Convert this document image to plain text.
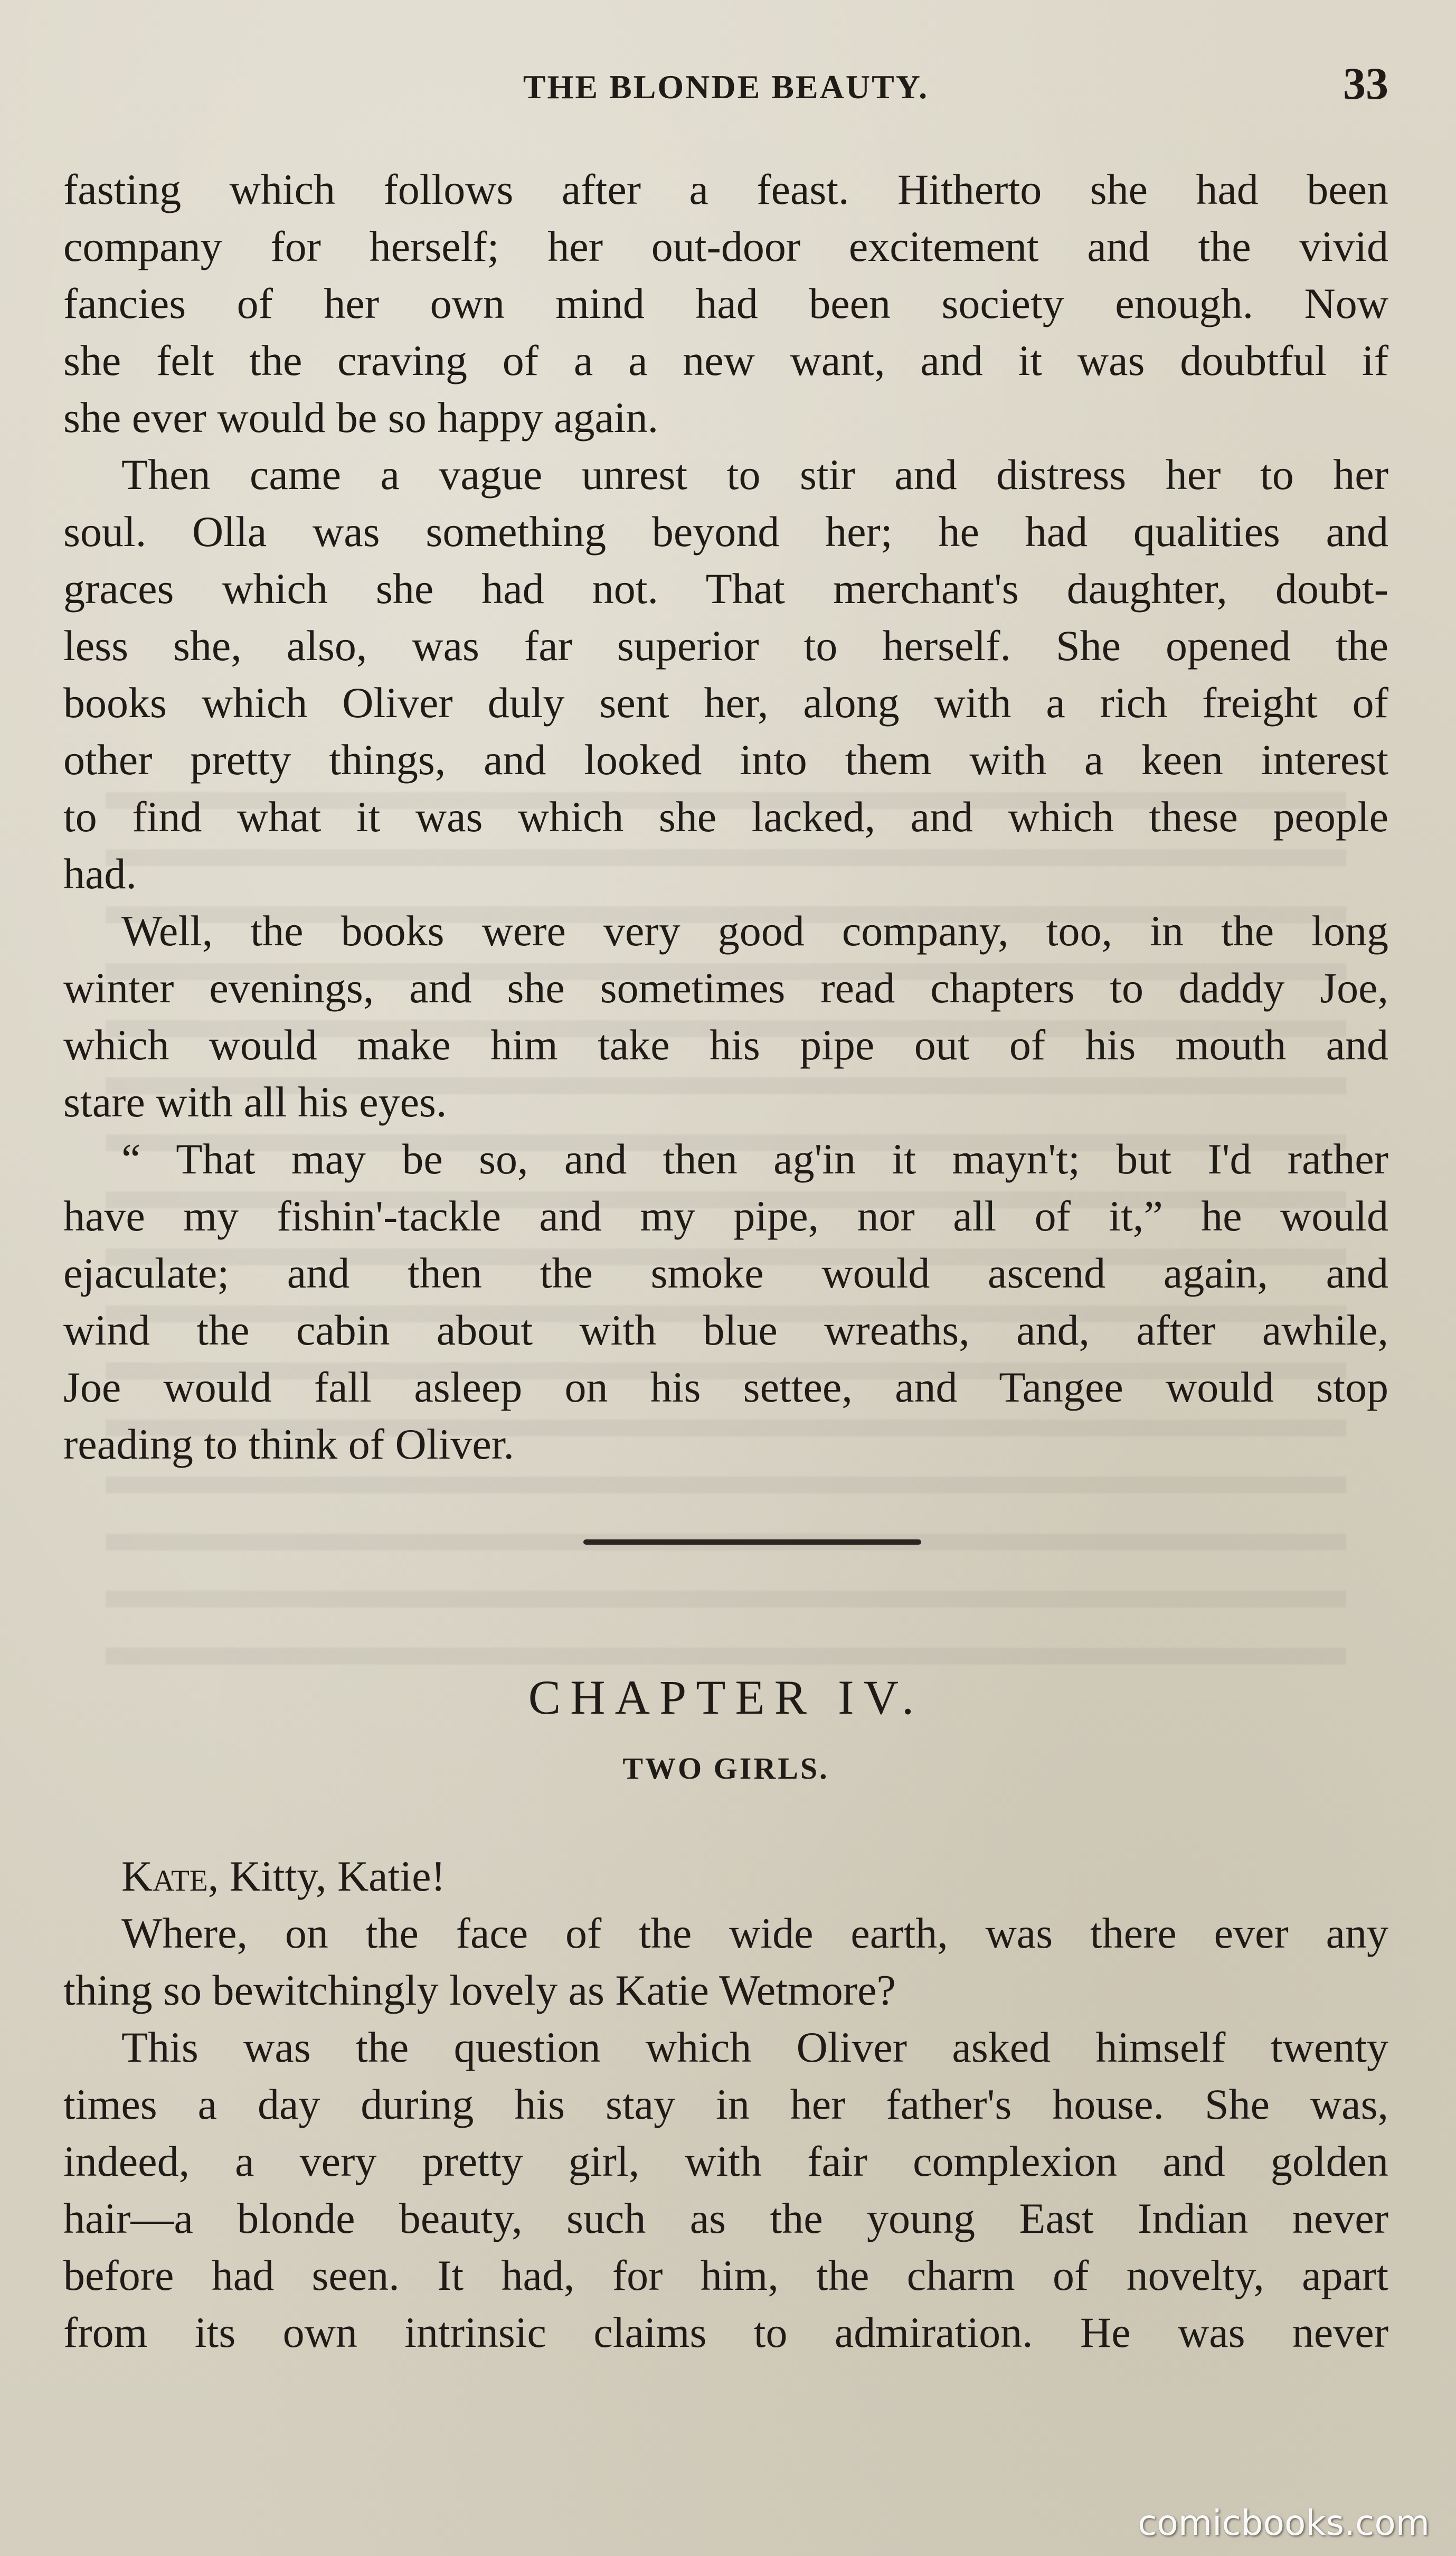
THE BLONDE BEAUTY.	33

fasting which follows after a feast. Hitherto she had been

company for herself; her out-door excitement and the vivid

fancies of her own mind had been society enough. Now

she felt the craving of a a new want, and it was doubtful if

she ever would be so happy again.

Then came a vague unrest to stir and distress her to her

soul. Olla was something beyond her; he had qualities and

graces which she had not. That merchant's daughter, doubt-

less she, also, was far superior to herself. She opened the

books which Oliver duly sent her, along with a rich freight of

other pretty things, and looked into them with a keen interest

to find what it was which she lacked, and which these people

had.

Well, the books were very good company, too, in the long

winter evenings, and she sometimes read chapters to daddy Joe,

which would make him take his pipe out of his mouth and

stare with all his eyes.

“ That may be so, and then ag'in it mayn't; but I'd rather

have my fishin'-tackle and my pipe, nor all of it,” he would

ejaculate; and then the smoke would ascend again, and

wind the cabin about with blue wreaths, and, after awhile,

Joe would fall asleep on his settee, and Tangee would stop

reading to think of Oliver.

CHAPTER IV.
TWO GIRLS.

Kate, Kitty, Katie!

Where, on the face of the wide earth, was there ever any

thing so bewitchingly lovely as Katie Wetmore?

This was the question which Oliver asked himself twenty

times a day during his stay in her father's house. She was,

indeed, a very pretty girl, with fair complexion and golden

hair—a blonde beauty, such as the young East Indian never

before had seen. It had, for him, the charm of novelty, apart

from its own intrinsic claims to admiration. He was never

comicbooks.com
